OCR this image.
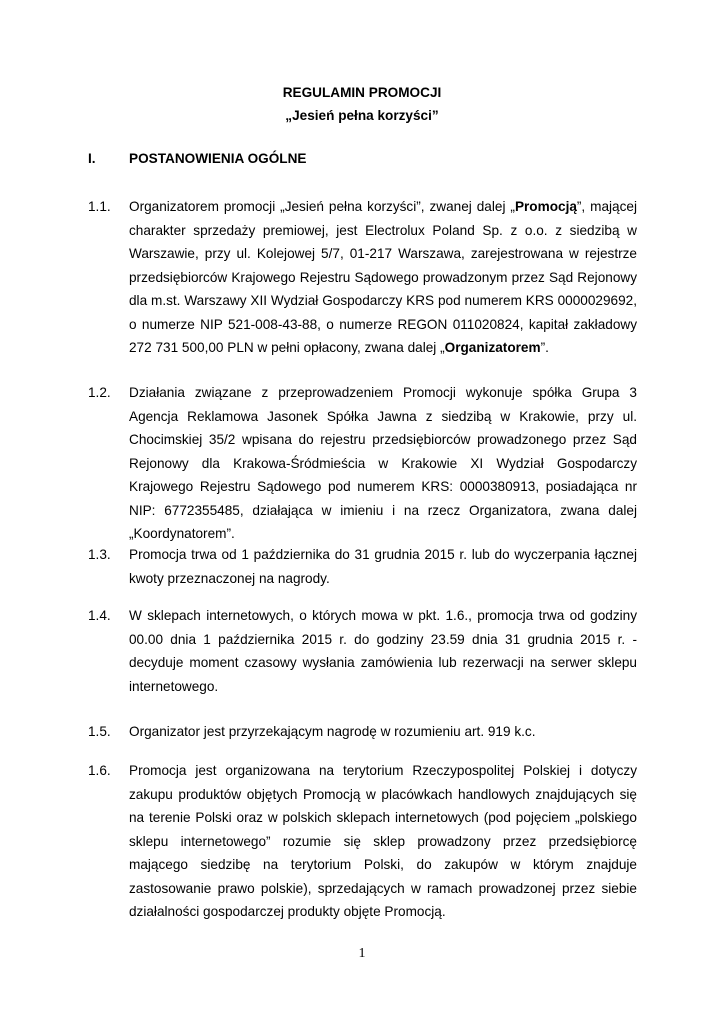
REGULAMIN PROMOCJI
„Jesień pełna korzyści”
I.	POSTANOWIENIA OGÓLNE
1.1. Organizatorem promocji „Jesień pełna korzyści”, zwanej dalej „Promocją”, mającej charakter sprzedaży premiowej, jest Electrolux Poland Sp. z o.o. z siedzibą w Warszawie, przy ul. Kolejowej 5/7, 01-217 Warszawa, zarejestrowana w rejestrze przedsiębiorców Krajowego Rejestru Sądowego prowadzonym przez Sąd Rejonowy dla m.st. Warszawy XII Wydział Gospodarczy KRS pod numerem KRS 0000029692, o numerze NIP 521-008-43-88, o numerze REGON 011020824, kapitał zakładowy 272 731 500,00 PLN w pełni opłacony, zwana dalej „Organizatorem”.
1.2. Działania związane z przeprowadzeniem Promocji wykonuje spółka Grupa 3 Agencja Reklamowa Jasonek Spółka Jawna z siedzibą w Krakowie, przy ul. Chocimskiej 35/2 wpisana do rejestru przedsiębiorców prowadzonego przez Sąd Rejonowy dla Krakowa-Śródmieścia w Krakowie XI Wydział Gospodarczy Krajowego Rejestru Sądowego pod numerem KRS: 0000380913, posiadająca nr NIP: 6772355485, działająca w imieniu i na rzecz Organizatora, zwana dalej „Koordynatorem”.
1.3. Promocja trwa od 1 października do 31 grudnia 2015 r. lub do wyczerpania łącznej kwoty przeznaczonej na nagrody.
1.4. W sklepach internetowych, o których mowa w pkt. 1.6., promocja trwa od godziny 00.00 dnia 1 października 2015 r. do godziny 23.59 dnia 31 grudnia 2015 r. - decyduje moment czasowy wysłania zamówienia lub rezerwacji na serwer sklepu internetowego.
1.5. Organizator jest przyrzekającym nagrodę w rozumieniu art. 919 k.c.
1.6. Promocja jest organizowana na terytorium Rzeczypospolitej Polskiej i dotyczy zakupu produktów objętych Promocją w placówkach handlowych znajdujących się na terenie Polski oraz w polskich sklepach internetowych (pod pojęciem „polskiego sklepu internetowego” rozumie się sklep prowadzony przez przedsiębiorcę mającego siedzibę na terytorium Polski, do zakupów w którym znajduje zastosowanie prawo polskie), sprzedających w ramach prowadzonej przez siebie działalności gospodarczej produkty objęte Promocją.
1
